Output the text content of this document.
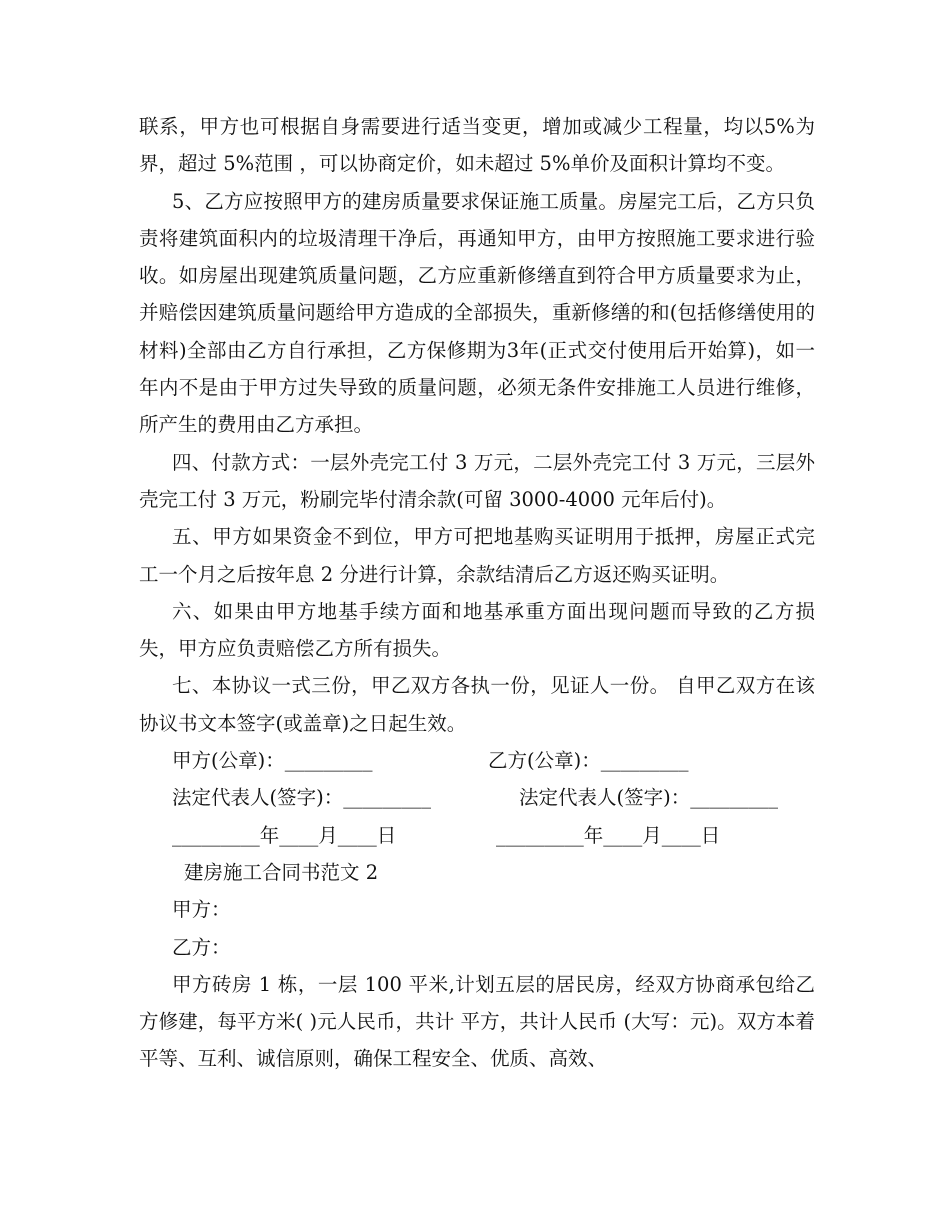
联系，甲方也可根据自身需要进行适当变更，增加或减少工程量，均以5%为界，超过 5%范围 ，可以协商定价，如未超过 5%单价及面积计算均不变。

5、乙方应按照甲方的建房质量要求保证施工质量。房屋完工后，乙方只负责将建筑面积内的垃圾清理干净后，再通知甲方，由甲方按照施工要求进行验收。如房屋出现建筑质量问题，乙方应重新修缮直到符合甲方质量要求为止，并赔偿因建筑质量问题给甲方造成的全部损失，重新修缮的和(包括修缮使用的材料)全部由乙方自行承担，乙方保修期为3年(正式交付使用后开始算)，如一年内不是由于甲方过失导致的质量问题，必须无条件安排施工人员进行维修，所产生的费用由乙方承担。

四、付款方式：一层外壳完工付 3 万元，二层外壳完工付 3 万元，三层外壳完工付 3 万元，粉刷完毕付清余款(可留 3000-4000 元年后付)。

五、甲方如果资金不到位，甲方可把地基购买证明用于抵押，房屋正式完工一个月之后按年息 2 分进行计算，余款结清后乙方返还购买证明。

六、如果由甲方地基手续方面和地基承重方面出现问题而导致的乙方损失，甲方应负责赔偿乙方所有损失。

七、本协议一式三份，甲乙双方各执一份，见证人一份。 自甲乙双方在该协议书文本签字(或盖章)之日起生效。

甲方(公章)：_________	乙方(公章)：_________
法定代表人(签字)：_________	法定代表人(签字)：_________
_________年____月____日	_________年____月____日
建房施工合同书范文 2
甲方：
乙方：

甲方砖房 1 栋，一层 100 平米,计划五层的居民房，经双方协商承包给乙方修建，每平方米( )元人民币，共计 平方，共计人民币 (大写：元)。双方本着平等、互利、诚信原则，确保工程安全、优质、高效、
